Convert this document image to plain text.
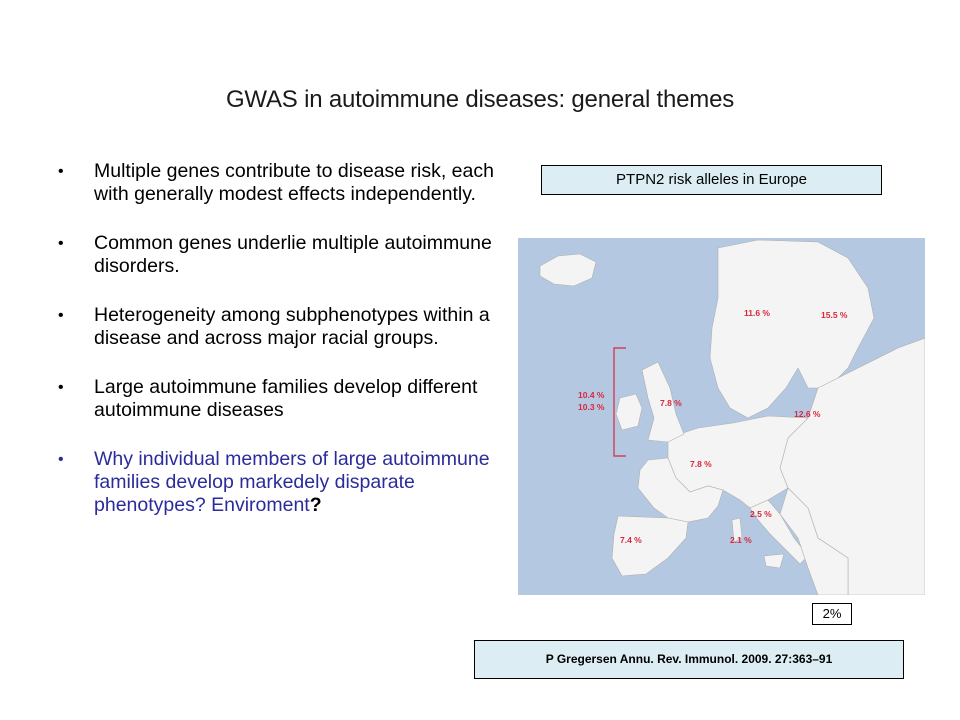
GWAS in autoimmune diseases: general themes
• Multiple genes contribute to disease risk, each with generally modest effects independently.
• Common genes underlie multiple autoimmune disorders.
• Heterogeneity among subphenotypes within a disease and across major racial groups.
• Large autoimmune families develop different autoimmune diseases
• Why individual members of large autoimmune families develop markedely disparate phenotypes? Enviroment?
PTPN2 risk alleles in Europe
11.6 %	15.5 %
10.4 %
10.3 %	7.8 %
12.6 %
7.8 %
2.5 %
2.1 %
7.4 %
2%
P Gregersen Annu. Rev. Immunol. 2009. 27:363–91
